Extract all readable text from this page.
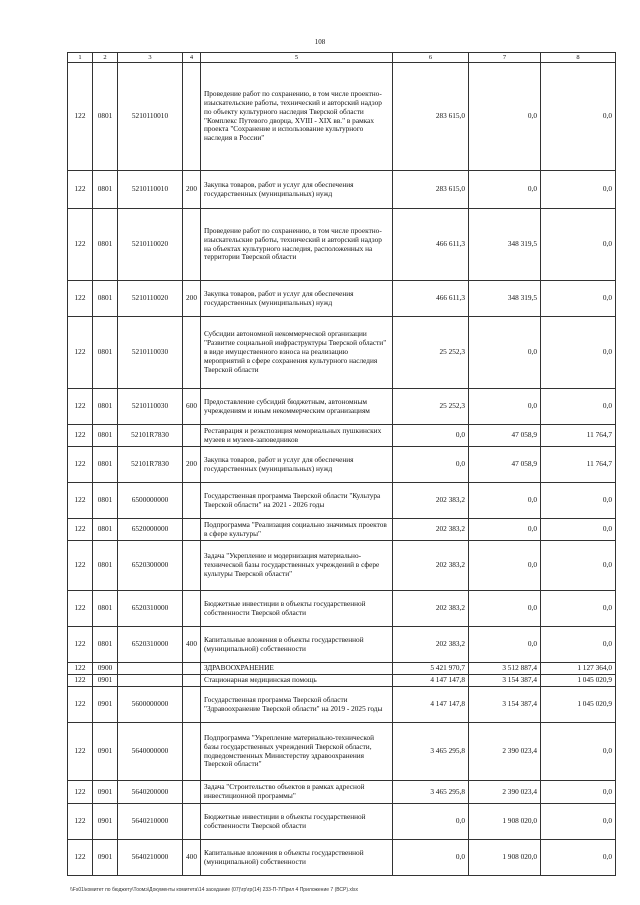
108
1	2	3	4	5	6	7	8
122	0801	5210110010		Проведение работ по сохранению, в том числе проектно-изыскательские работы, технический и авторский надзор по объекту культурного наследия Тверской области "Комплекс Путевого дворца, XVIII - XIX вв." в рамках проекта "Сохранение и использование культурного наследия в России"	283 615,0	0,0	0,0
122	0801	5210110010	200	Закупка товаров, работ и услуг для обеспечения государственных (муниципальных) нужд	283 615,0	0,0	0,0
122	0801	5210110020		Проведение работ по сохранению, в том числе проектно-изыскательские работы, технический и авторский надзор на объектах культурного наследия, расположенных на территории Тверской области	466 611,3	348 319,5	0,0
122	0801	5210110020	200	Закупка товаров, работ и услуг для обеспечения государственных (муниципальных) нужд	466 611,3	348 319,5	0,0
122	0801	5210110030		Субсидии автономной некоммерческой организации "Развитие социальной инфраструктуры Тверской области" в виде имущественного взноса на реализацию мероприятий в сфере сохранения культурного наследия Тверской области	25 252,3	0,0	0,0
122	0801	5210110030	600	Предоставление субсидий бюджетным, автономным учреждениям и иным некоммерческим организациям	25 252,3	0,0	0,0
122	0801	52101R7830		Реставрация и реэкспозиция мемориальных пушкинских музеев и музеев-заповедников	0,0	47 058,9	11 764,7
122	0801	52101R7830	200	Закупка товаров, работ и услуг для обеспечения государственных (муниципальных) нужд	0,0	47 058,9	11 764,7
122	0801	6500000000		Государственная программа Тверской области "Культура Тверской области" на 2021 - 2026 годы	202 383,2	0,0	0,0
122	0801	6520000000		Подпрограмма "Реализация социально значимых проектов в сфере культуры"	202 383,2	0,0	0,0
122	0801	6520300000		Задача "Укрепление и модернизация материально-технической базы государственных учреждений в сфере культуры Тверской области"	202 383,2	0,0	0,0
122	0801	6520310000		Бюджетные инвестиции в объекты государственной собственности Тверской области	202 383,2	0,0	0,0
122	0801	6520310000	400	Капитальные вложения в объекты государственной (муниципальной) собственности	202 383,2	0,0	0,0
122	0900			ЗДРАВООХРАНЕНИЕ	5 421 970,7	3 512 887,4	1 127 364,0
122	0901			Стационарная медицинская помощь	4 147 147,8	3 154 387,4	1 045 020,9
122	0901	5600000000		Государственная программа Тверской области "Здравоохранение Тверской области" на 2019 - 2025 годы	4 147 147,8	3 154 387,4	1 045 020,9
122	0901	5640000000		Подпрограмма "Укрепление материально-технической базы государственных учреждений Тверской области, подведомственных Министерству здравоохранения Тверской области"	3 465 295,8	2 390 023,4	0,0
122	0901	5640200000		Задача "Строительство объектов в рамках адресной инвестиционной программы"	3 465 295,8	2 390 023,4	0,0
122	0901	5640210000		Бюджетные инвестиции в объекты государственной собственности Тверской области	0,0	1 908 020,0	0,0
122	0901	5640210000	400	Капитальные вложения в объекты государственной (муниципальной) собственности	0,0	1 908 020,0	0,0
\\Fs01\комитет по бюджету\Тоомэ\Документы комитета\14 заседание (07)\гр\гр(14) 233-П-7\Прил 4 Приложение 7 (ВСР).xlsx
